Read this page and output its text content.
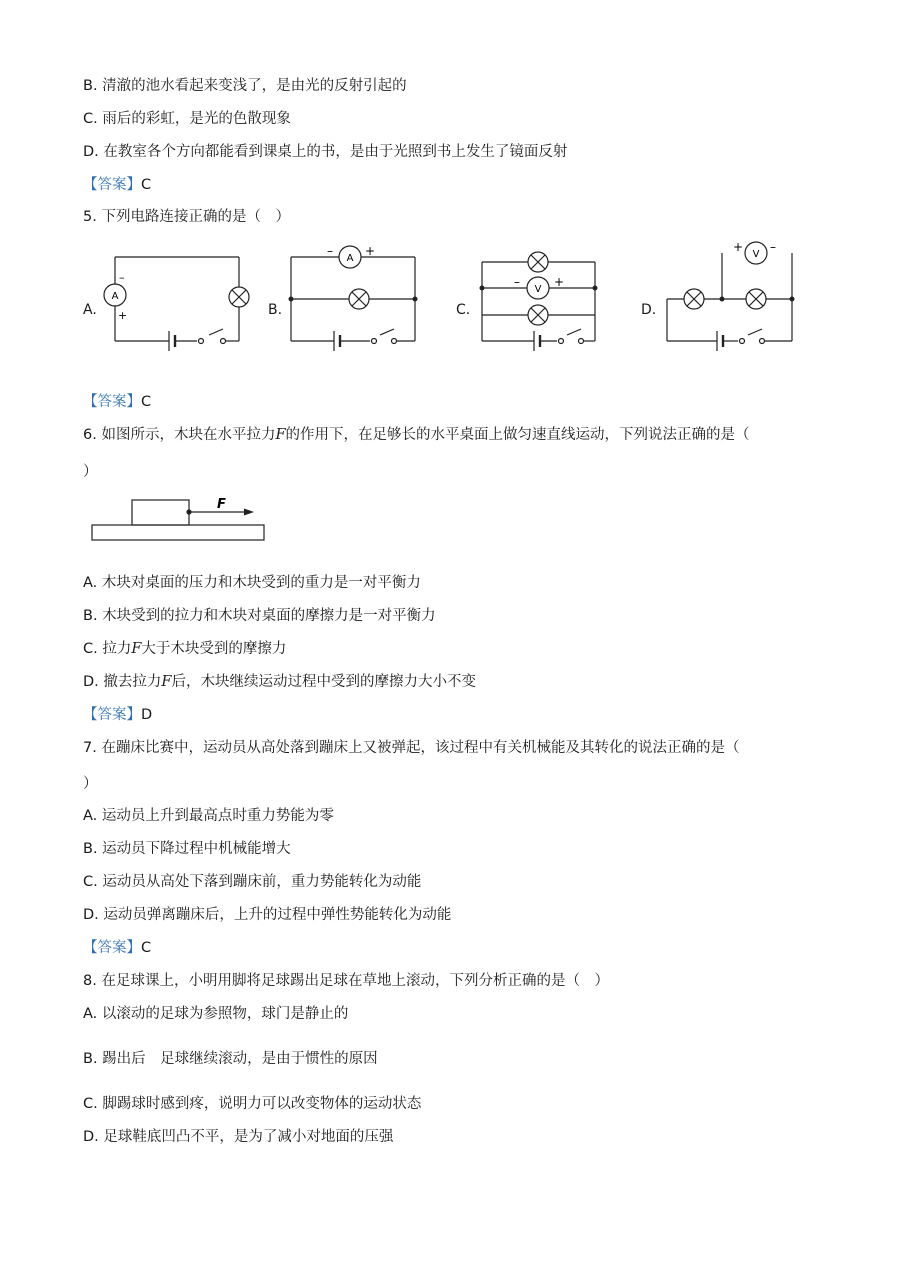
B. 清澈的池水看起来变浅了，是由光的反射引起的
C. 雨后的彩虹，是光的色散现象
D. 在教室各个方向都能看到课桌上的书，是由于光照到书上发生了镜面反射
【答案】C
5. 下列电路连接正确的是（　）
A.
A
–
+	B.
A
–	+
C.
V
–	+
D.
V
+ –
【答案】C
6. 如图所示，木块在水平拉力F的作用下，在足够长的水平桌面上做匀速直线运动，下列说法正确的是（
）
F
A. 木块对桌面的压力和木块受到的重力是一对平衡力
B. 木块受到的拉力和木块对桌面的摩擦力是一对平衡力
C. 拉力F大于木块受到的摩擦力
D. 撤去拉力F后，木块继续运动过程中受到的摩擦力大小不变
【答案】D
7. 在蹦床比赛中，运动员从高处落到蹦床上又被弹起，该过程中有关机械能及其转化的说法正确的是（
）
A. 运动员上升到最高点时重力势能为零
B. 运动员下降过程中机械能增大
C. 运动员从高处下落到蹦床前，重力势能转化为动能
D. 运动员弹离蹦床后，上升的过程中弹性势能转化为动能
【答案】C
8. 在足球课上，小明用脚将足球踢出足球在草地上滚动，下列分析正确的是（　）
A. 以滚动的足球为参照物，球门是静止的
B. 踢出后　足球继续滚动，是由于惯性的原因
C. 脚踢球时感到疼，说明力可以改变物体的运动状态
D. 足球鞋底凹凸不平，是为了减小对地面的压强
